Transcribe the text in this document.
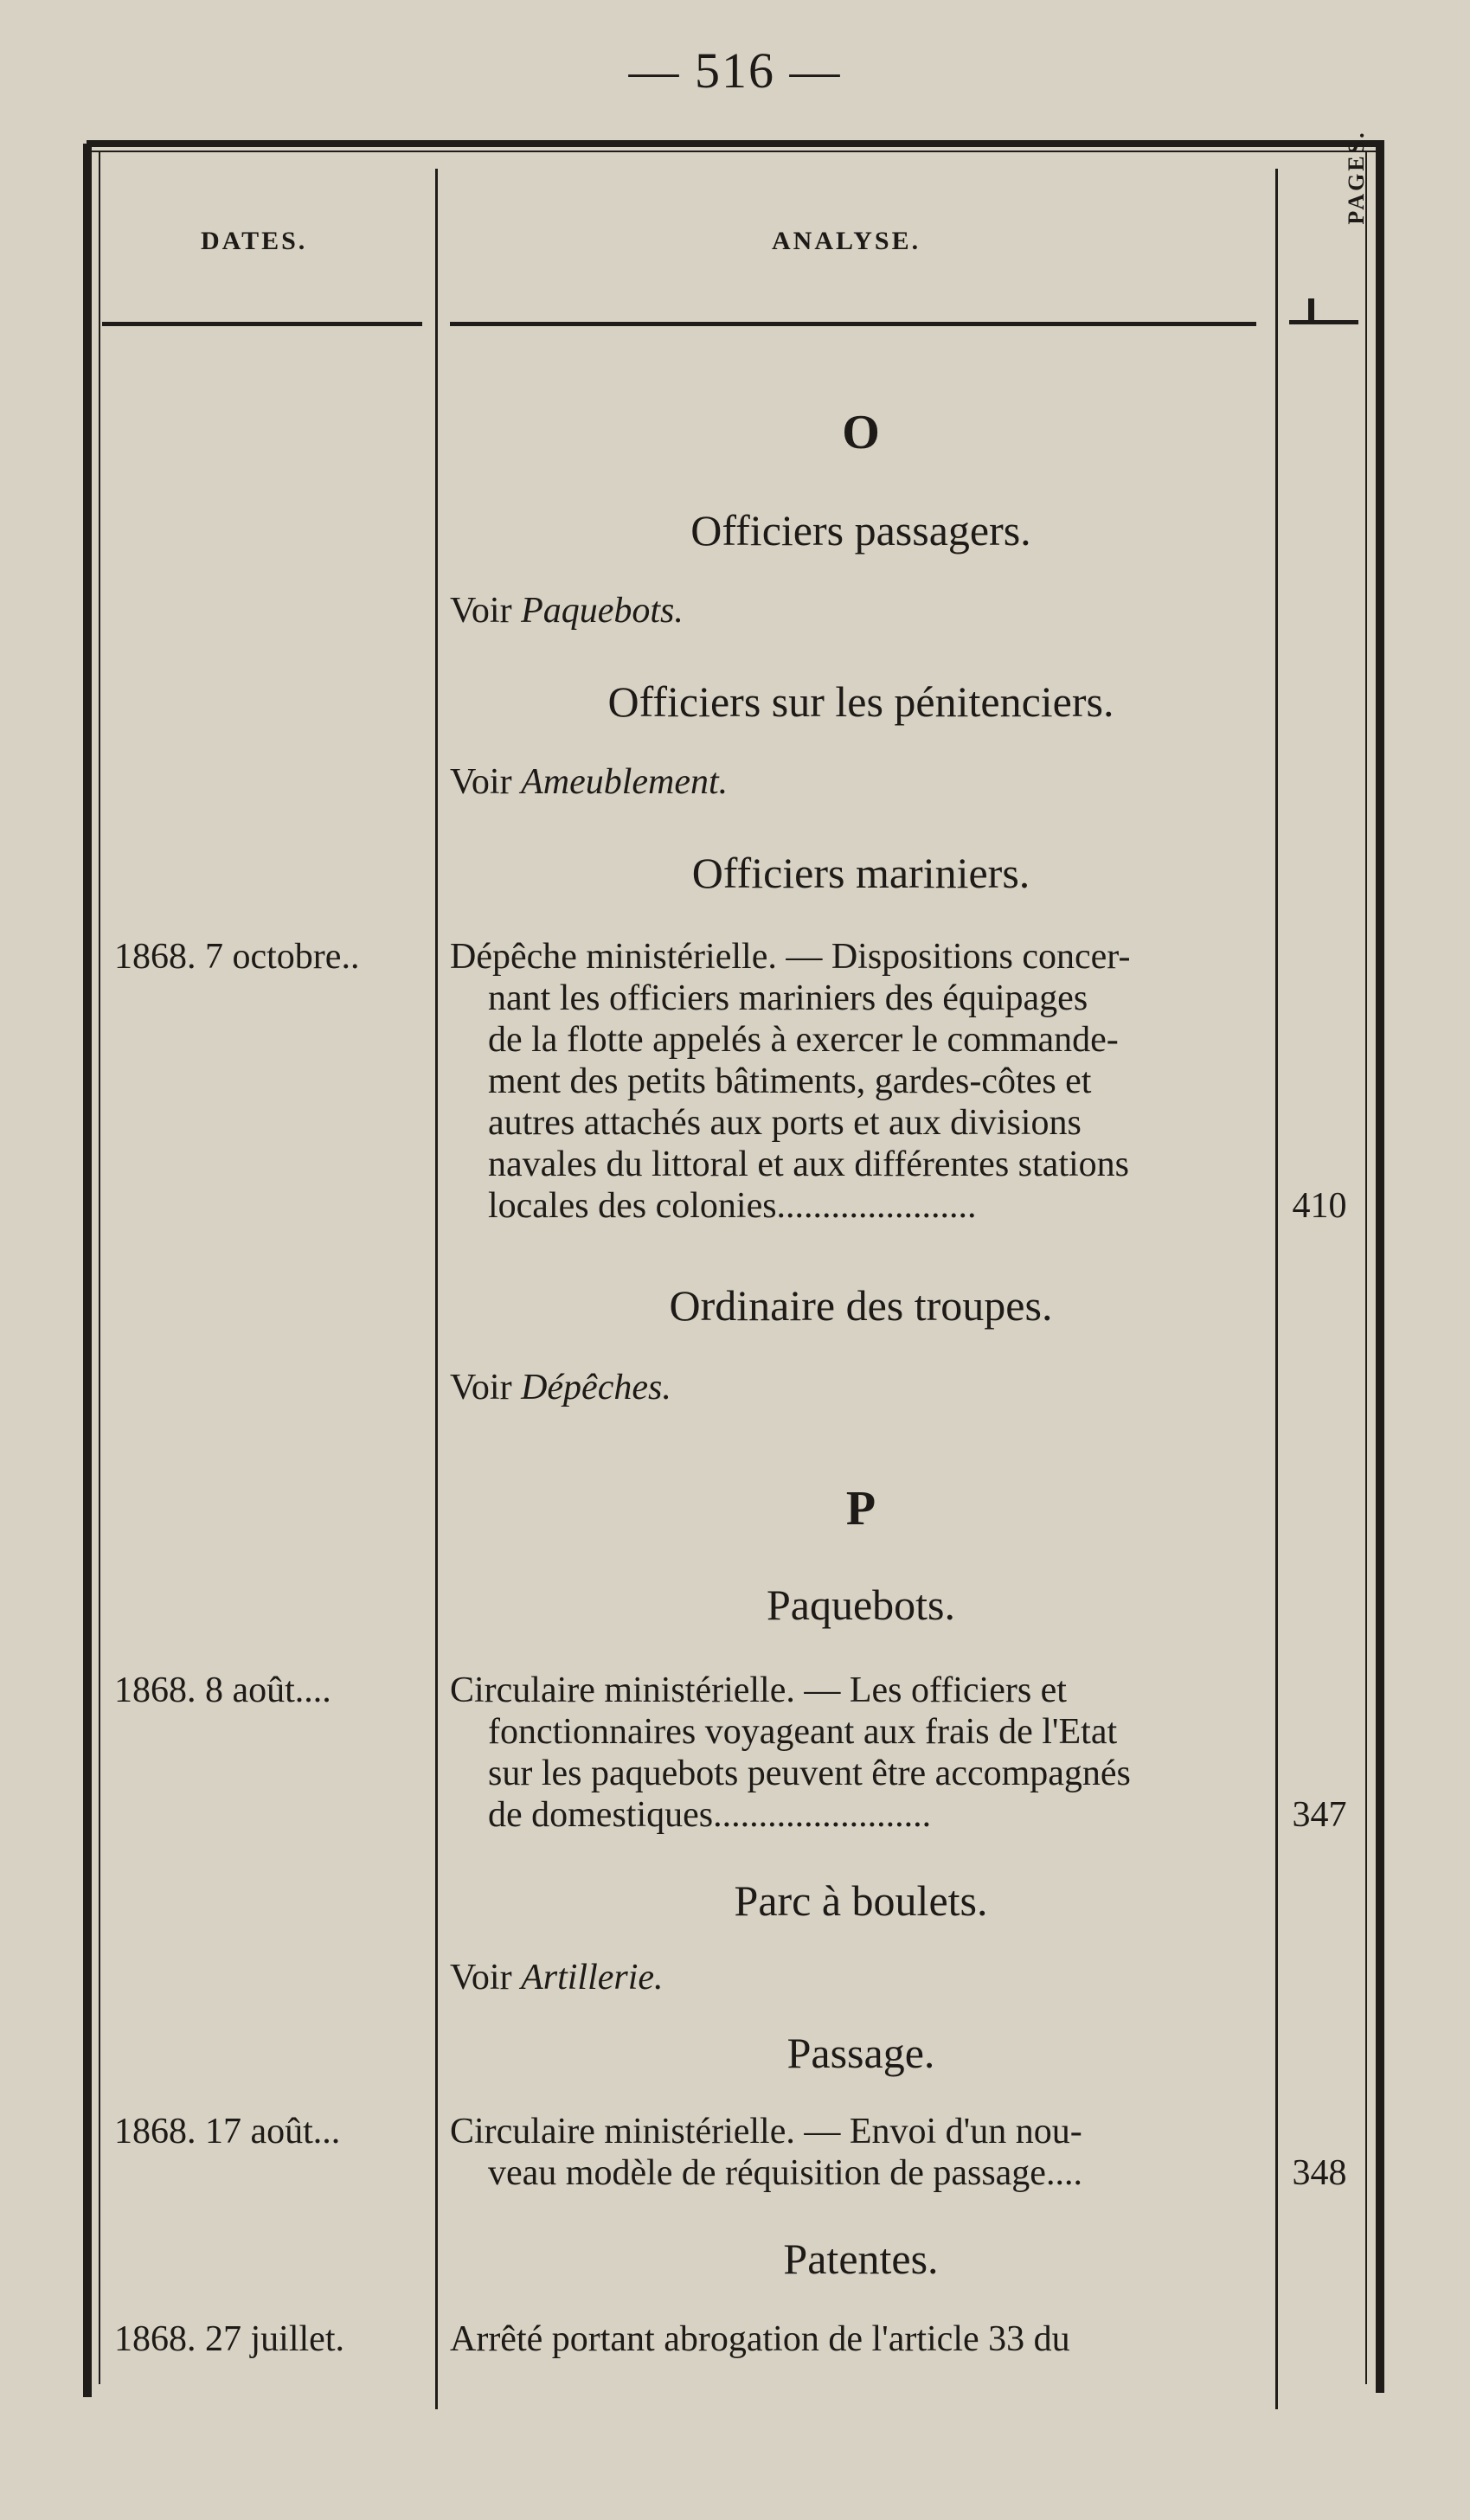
— 516 —
DATES.	ANALYSE.
PAGES.
O
Officiers passagers.
Voir Paquebots.
Officiers sur les pénitenciers.
Voir Ameublement.
Officiers mariniers.
1868. 7 octobre.. Dépêche ministérielle. — Dispositions concer-
nant les officiers mariniers des équipages
de la flotte appelés à exercer le commande-
ment des petits bâtiments, gardes-côtes et
autres attachés aux ports et aux divisions
navales du littoral et aux différentes stations
locales des colonies......................	410
Ordinaire des troupes.
Voir Dépêches.
P
Paquebots.
1868. 8 août....	Circulaire ministérielle. — Les officiers et
fonctionnaires voyageant aux frais de l'Etat
sur les paquebots peuvent être accompagnés
de domestiques........................	347
Parc à boulets.
Voir Artillerie.
Passage.
1868. 17 août...	Circulaire ministérielle. — Envoi d'un nou-
veau modèle de réquisition de passage....	348
Patentes.
1868. 27 juillet.	Arrêté portant abrogation de l'article 33 du
